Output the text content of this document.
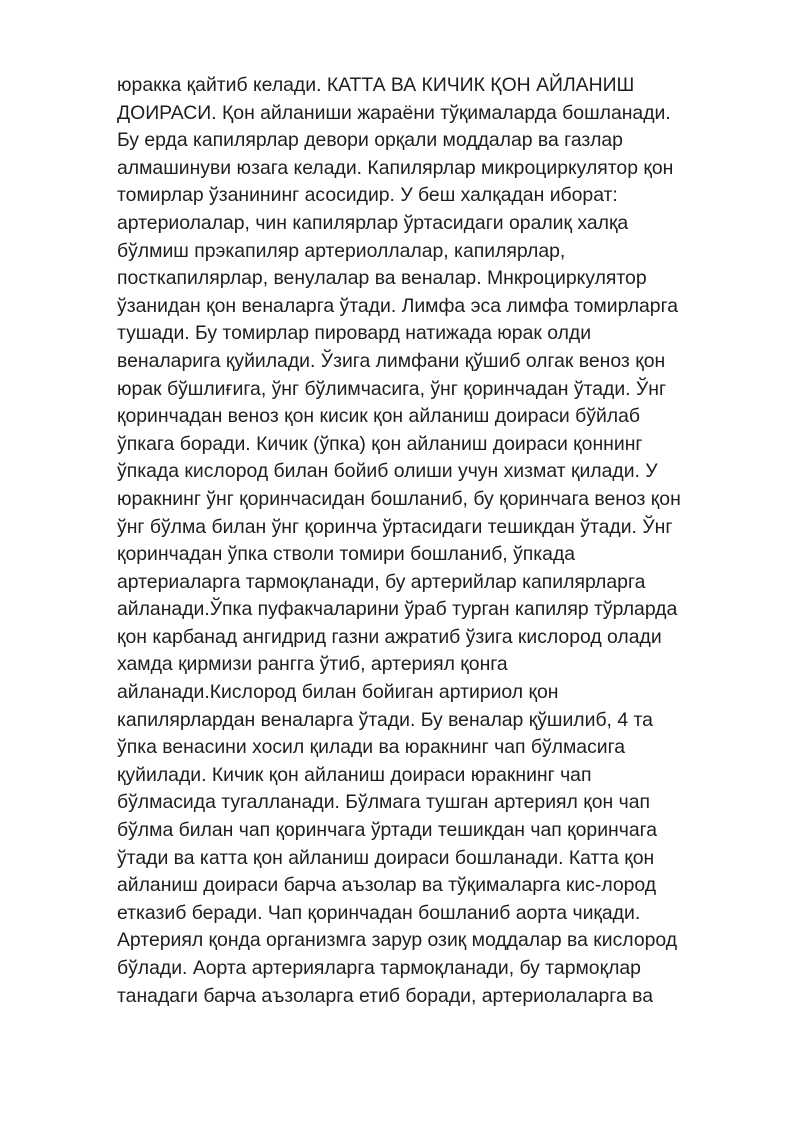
юракка қайтиб келади. КАТТА ВА КИЧИК ҚОН АЙЛАНИШ
ДОИРАСИ. Қон айланиши жараёни тўқималарда бошланади.
Бу ерда капилярлар девори орқали моддалар ва газлар
алмашинуви юзага келади. Капилярлар микроциркулятор қон
томирлар ўзанининг асосидир. У беш халқадан иборат:
артериолалар, чин капилярлар ўртасидаги оралиқ халқа
бўлмиш прэкапиляр артериоллалар, капилярлар,
посткапилярлар, венулалар ва веналар. Мнкроциркулятор
ўзанидан қон веналарга ўтади. Лимфа эса лимфа томирларга
тушади. Бу томирлар пировард натижада юрак олди
веналарига қуйилади. Ўзига лимфани қўшиб олгак веноз қон
юрак бўшлиғига, ўнг бўлимчасига, ўнг қоринчадан ўтади. Ўнг
қоринчадан веноз қон кисик қон айланиш доираси бўйлаб
ўпкага боради. Кичик (ўпка) қон айланиш доираси қоннинг
ўпкада кислород билан бойиб олиши учун хизмат қилади. У
юракнинг ўнг қоринчасидан бошланиб, бу қоринчага веноз қон
ўнг бўлма билан ўнг қоринча ўртасидаги тешикдан ўтади. Ўнг
қоринчадан ўпка стволи томири бошланиб, ўпкада
артериаларга тармоқланади, бу артерийлар капилярларга
айланади.Ўпка пуфакчаларини ўраб турган капиляр тўрларда
қон карбанад ангидрид газни ажратиб ўзига кислород олади
хамда қирмизи рангга ўтиб, артериял қонга
айланади.Кислород билан бойиган артириол қон
капилярлардан веналарга ўтади. Бу веналар қўшилиб, 4 та
ўпка венасини хосил қилади ва юракнинг чап бўлмасига
қуйилади. Кичик қон айланиш доираси юракнинг чап
бўлмасида тугалланади. Бўлмага тушган артериял қон чап
бўлма билан чап қоринчага ўртади тешикдан чап қоринчага
ўтади ва катта қон айланиш доираси бошланади. Катта қон
айланиш доираси барча аъзолар ва тўқималарга кис-лород
етказиб беради. Чап қоринчадан бошланиб аорта чиқади.
Артериял қонда организмга зарур озиқ моддалар ва кислород
бўлади. Аорта артерияларга тармоқланади, бу тармоқлар
танадаги барча аъзоларга етиб боради, артериолаларга ва
